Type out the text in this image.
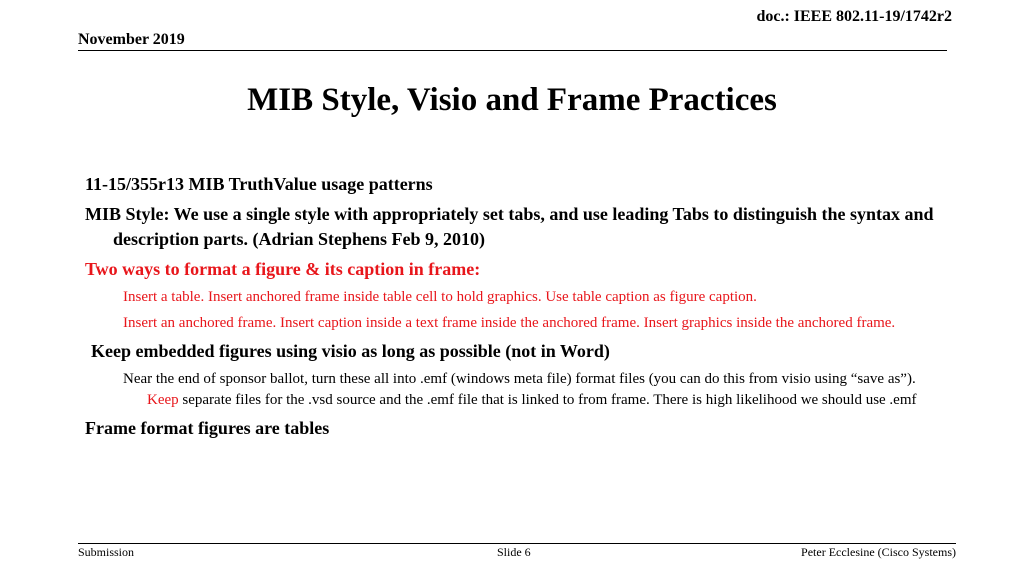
doc.: IEEE 802.11-19/1742r2
November 2019
MIB Style, Visio and Frame Practices

11-15/355r13 MIB TruthValue usage patterns

MIB Style: We use a single style with appropriately set tabs, and use leading Tabs to distinguish the syntax and description parts. (Adrian Stephens Feb 9, 2010)

Two ways to format a figure & its caption in frame:

Insert a table. Insert anchored frame inside table cell to hold graphics. Use table caption as figure caption.

Insert an anchored frame. Insert caption inside a text frame inside the anchored frame. Insert graphics inside the anchored frame.

Keep embedded figures using visio as long as possible (not in Word)

Near the end of sponsor ballot, turn these all into .emf (windows meta file) format files (you can do this from visio using “save as”). Keep separate files for the .vsd source and the .emf file that is linked to from frame. There is high likelihood we should use .emf

Frame format figures are tables

Submission	Slide 6	Peter Ecclesine (Cisco Systems)
